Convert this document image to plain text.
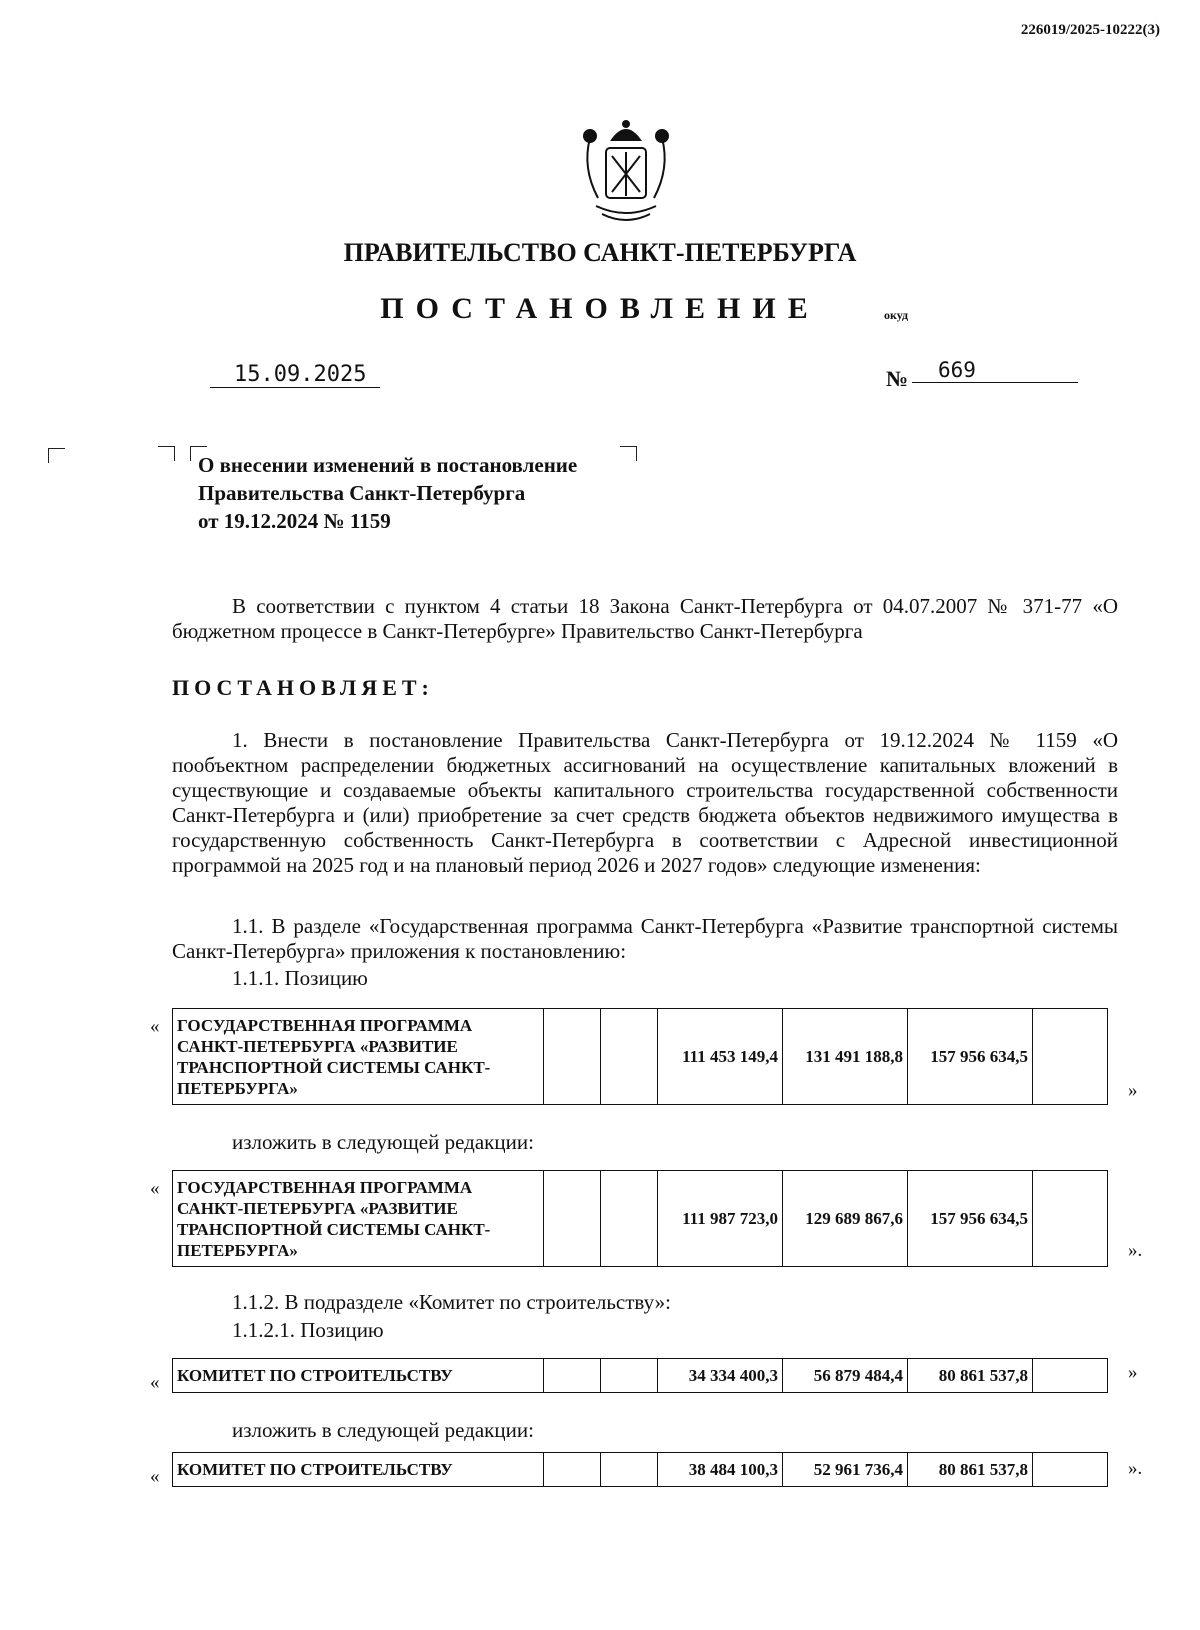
226019/2025-10222(3)
ПРАВИТЕЛЬСТВО САНКТ-ПЕТЕРБУРГА
ПОСТАНОВЛЕНИЕ	окуд
15.09.2025	№	669
О внесении изменений в постановление
Правительства Санкт-Петербурга
от 19.12.2024 № 1159
В соответствии с пунктом 4 статьи 18 Закона Санкт-Петербурга от 04.07.2007 № 371-77 «О бюджетном процессе в Санкт-Петербурге» Правительство Санкт-Петербурга
ПОСТАНОВЛЯЕТ:
1. Внести в постановление Правительства Санкт-Петербурга от 19.12.2024 № 1159 «О пообъектном распределении бюджетных ассигнований на осуществление капитальных вложений в существующие и создаваемые объекты капитального строительства государственной собственности Санкт-Петербурга и (или) приобретение за счет средств бюджета объектов недвижимого имущества в государственную собственность Санкт-Петербурга в соответствии с Адресной инвестиционной программой на 2025 год и на плановый период 2026 и 2027 годов» следующие изменения:
1.1. В разделе «Государственная программа Санкт-Петербурга «Развитие транспортной системы Санкт-Петербурга» приложения к постановлению:
1.1.1. Позицию
« ГОСУДАРСТВЕННАЯ ПРОГРАММА САНКТ-ПЕТЕРБУРГА «РАЗВИТИЕ ТРАНСПОРТНОЙ СИСТЕМЫ САНКТ-ПЕТЕРБУРГА»			111 453 149,4	131 491 188,8	157 956 634,5	
»
изложить в следующей редакции:
« ГОСУДАРСТВЕННАЯ ПРОГРАММА САНКТ-ПЕТЕРБУРГА «РАЗВИТИЕ ТРАНСПОРТНОЙ СИСТЕМЫ САНКТ-ПЕТЕРБУРГА»			111 987 723,0	129 689 867,6	157 956 634,5	
».
1.1.2. В подразделе «Комитет по строительству»:
1.1.2.1. Позицию
« КОМИТЕТ ПО СТРОИТЕЛЬСТВУ			34 334 400,3	56 879 484,4	80 861 537,8		»
изложить в следующей редакции:
« КОМИТЕТ ПО СТРОИТЕЛЬСТВУ			38 484 100,3	52 961 736,4	80 861 537,8		».
